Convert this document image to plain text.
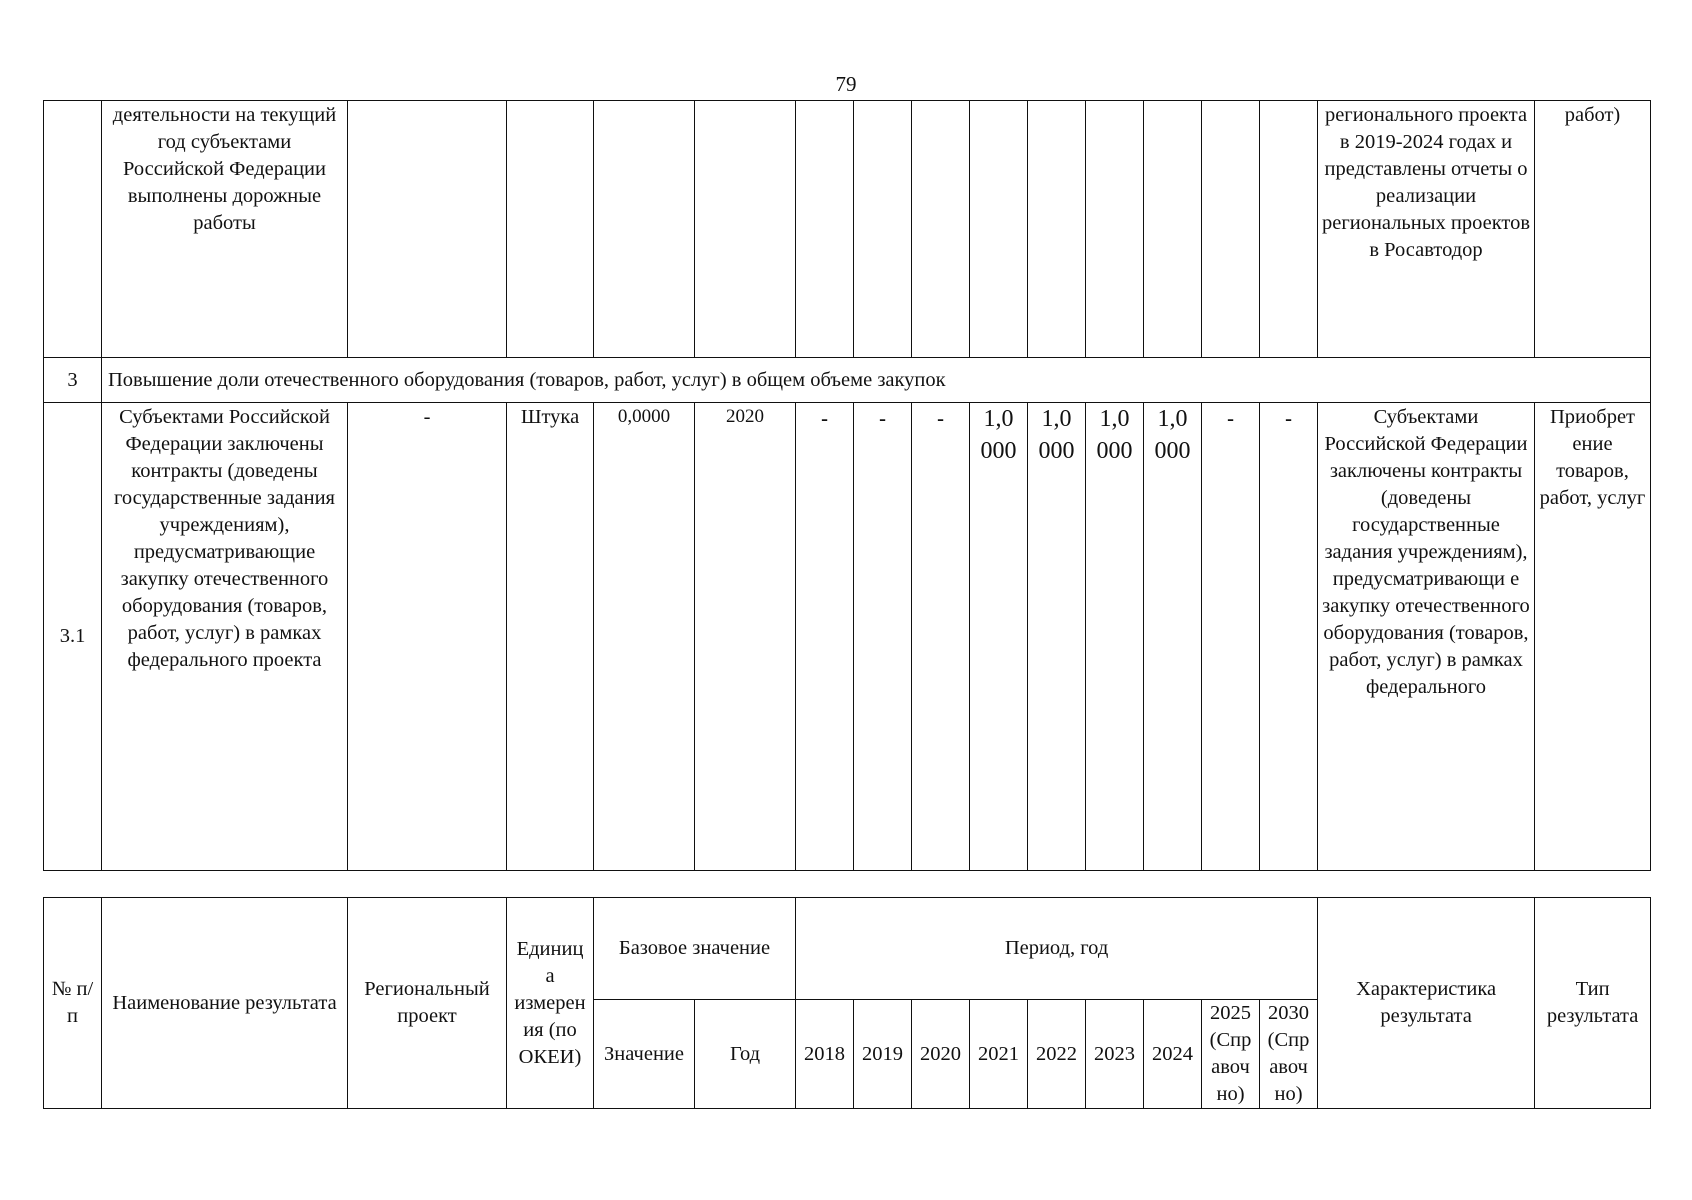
79
	деятельности на текущий год субъектами Российской Федерации выполнены дорожные работы														регионального проекта в 2019-2024 годах и представлены отчеты о реализации региональных проектов в Росавтодор	работ)
3	Повышение доли отечественного оборудования (товаров, работ, услуг) в общем объеме закупок															
3.1	Субъектами Российской Федерации заключены контракты (доведены государственные задания учреждениям), предусматривающие закупку отечественного оборудования (товаров, работ, услуг) в рамках федерального проекта	-	Штука	0,0000	2020	-	-	-	1,0 000	1,0 000	1,0 000	1,0 000	-	-	Субъектами Российской Федерации заключены контракты (доведены государственные задания учреждениям), предусматривающи е закупку отечественного оборудования (товаров, работ, услуг) в рамках федерального	Приобрет ение товаров, работ, услуг
№ п/п	Наименование результата	Региональный проект	Единиц а измерен ия (по ОКЕИ)	Базовое значение		Период, год									Характеристика результата	Тип результата
				Значение	Год	2018	2019	2020	2021	2022	2023	2024	2025 (Спр авоч но)	2030 (Спр авоч но)		
